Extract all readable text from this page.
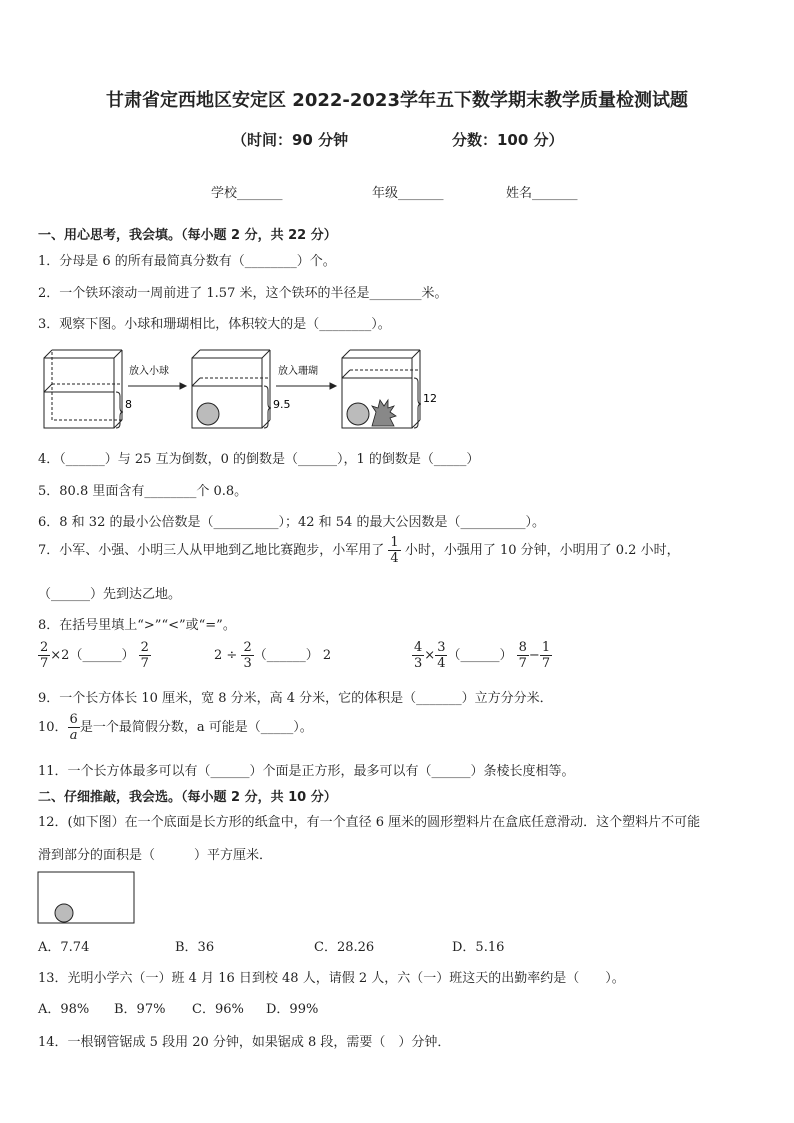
甘肃省定西地区安定区 2022-2023学年五下数学期末教学质量检测试题
（时间：90 分钟	分数：100 分）
学校_______	年级_______	姓名_______
一、用心思考，我会填。（每小题 2 分，共 22 分）
1．分母是 6 的所有最简真分数有（________）个。
2．一个铁环滚动一周前进了 1.57 米，这个铁环的半径是________米。
3．观察下图。小球和珊瑚相比，体积较大的是（________）。
放入小球	放入珊瑚
8	9.5	12
4．（______）与 25 互为倒数，0 的倒数是（______），1 的倒数是（_____）
5．80.8 里面含有________个 0.8。
6．8 和 32 的最小公倍数是（__________）；42 和 54 的最大公因数是（__________）。
7．小军、小强、小明三人从甲地到乙地比赛跑步，小军用了 $\frac{1}{4}$ 小时，小强用了 10 分钟，小明用了 0.2 小时，
（______）先到达乙地。
8．在括号里填上“>”“<”或“=”。
$\frac{2}{7}$ ×2（______） $\frac{2}{7}$	$2 \div \frac{2}{3}$ （______） 2	$\frac{4}{3} \times \frac{3}{4}$ （______） $\frac{8}{7} - \frac{1}{7}$
9．一个长方体长 10 厘米，宽 8 分米，高 4 分米，它的体积是（_______）立方分分米．
10． $\frac{6}{a}$ 是一个最简假分数，a 可能是（_____）。
11．一个长方体最多可以有（______）个面是正方形，最多可以有（______）条棱长度相等。
二、仔细推敲，我会选。（每小题 2 分，共 10 分）
12．(如下图）在一个底面是长方形的纸盒中，有一个直径 6 厘米的圆形塑料片在盒底任意滑动．这个塑料片不可能
滑到部分的面积是（　　　）平方厘米．
A．7.74	B．36	C．28.26	D．5.16
13．光明小学六（一）班 4 月 16 日到校 48 人，请假 2 人，六（一）班这天的出勤率约是（　　）。
A．98% B．97% C．96% D．99%
14．一根钢管锯成 5 段用 20 分钟，如果锯成 8 段，需要（　）分钟．
